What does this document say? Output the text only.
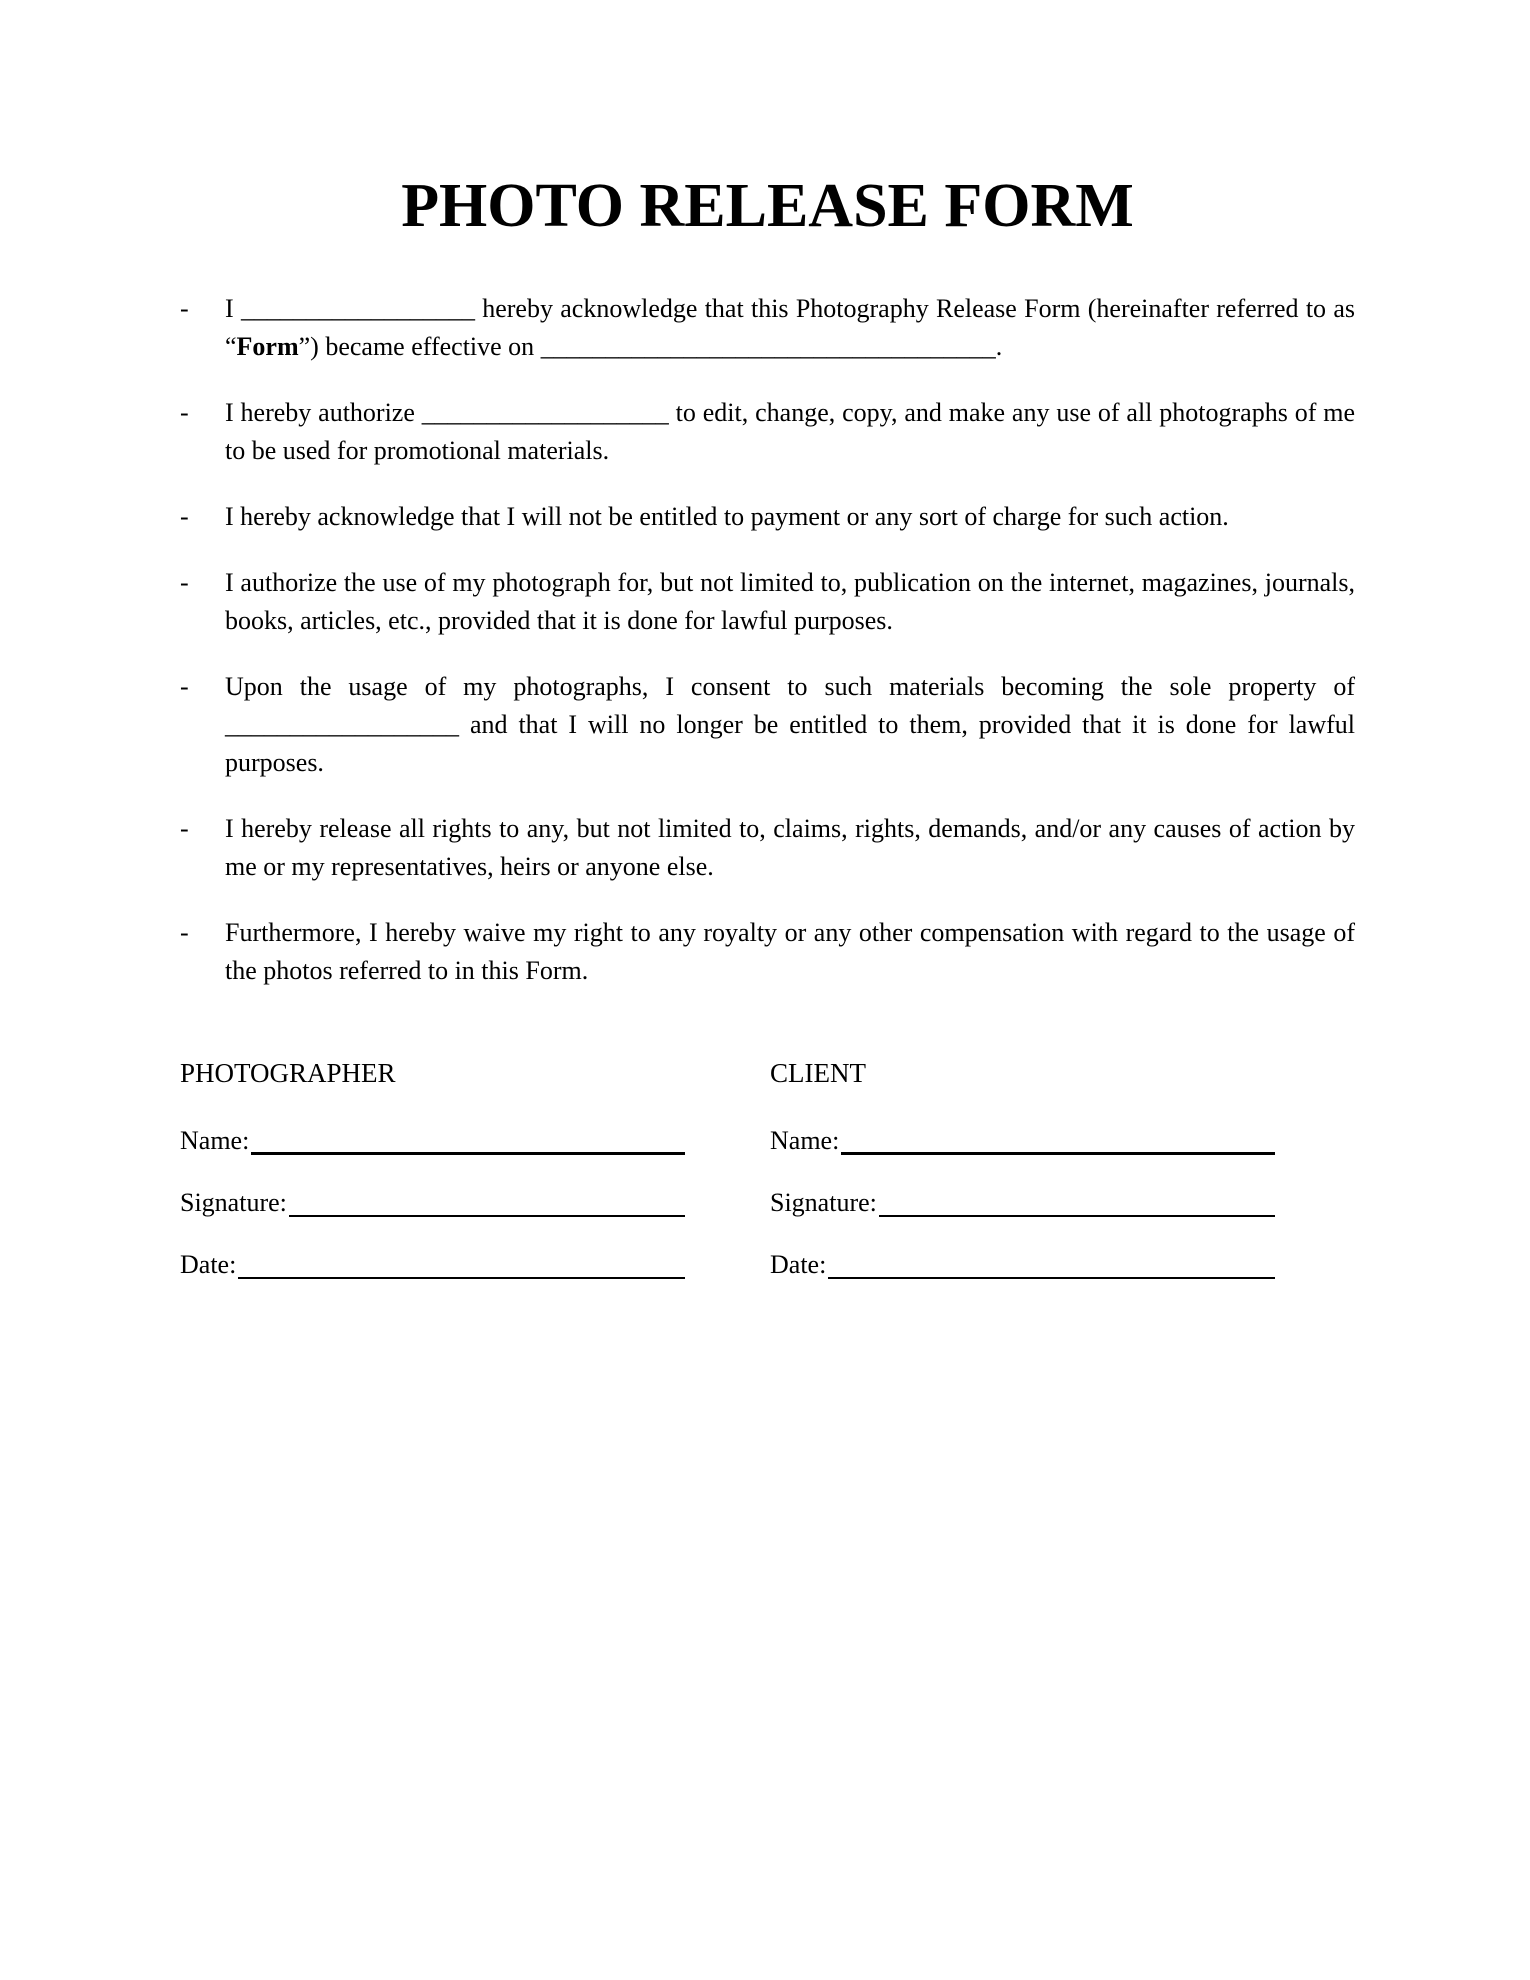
PHOTO RELEASE FORM
-	I __________________ hereby acknowledge that this Photography Release Form (hereinafter referred to as “Form”) became effective on ___________________________________.
-	I hereby authorize ___________________ to edit, change, copy, and make any use of all photographs of me to be used for promotional materials.
-	I hereby acknowledge that I will not be entitled to payment or any sort of charge for such action.
-	I authorize the use of my photograph for, but not limited to, publication on the internet, magazines, journals, books, articles, etc., provided that it is done for lawful purposes.
-	Upon the usage of my photographs, I consent to such materials becoming the sole property of __________________ and that I will no longer be entitled to them, provided that it is done for lawful purposes.
-	I hereby release all rights to any, but not limited to, claims, rights, demands, and/or any causes of action by me or my representatives, heirs or anyone else.
-	Furthermore, I hereby waive my right to any royalty or any other compensation with regard to the usage of the photos referred to in this Form.
PHOTOGRAPHER
Name:
Signature:
Date:
CLIENT
Name:
Signature:
Date:
